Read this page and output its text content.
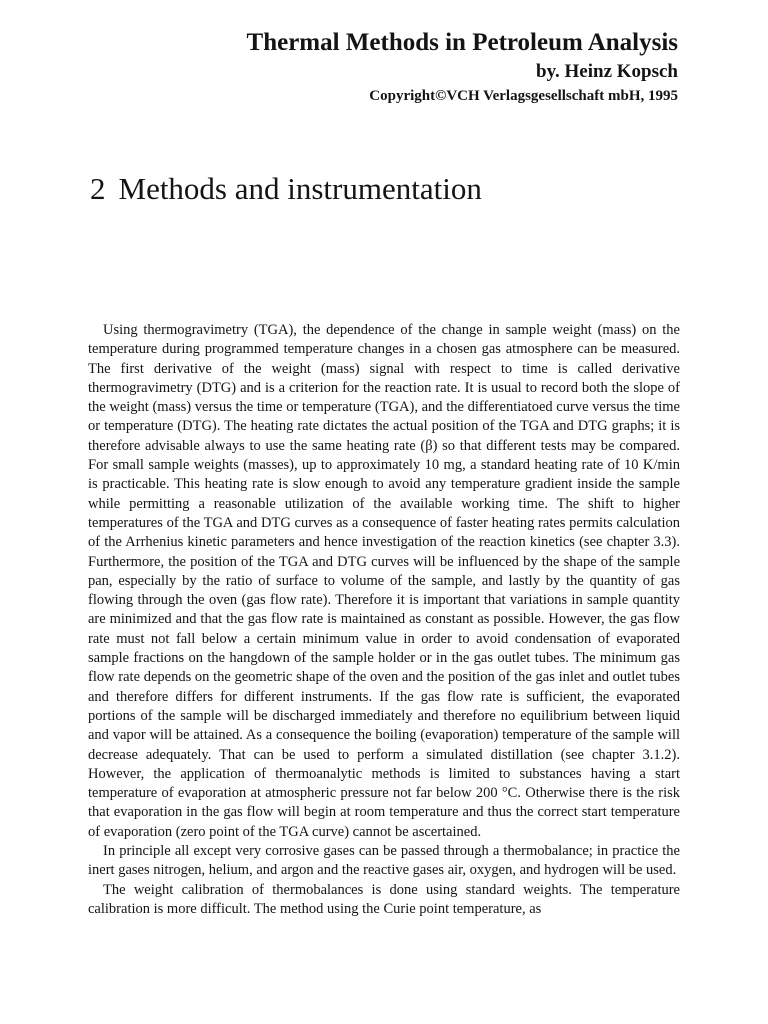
Thermal Methods in Petroleum Analysis
by. Heinz Kopsch
Copyright©VCH Verlagsgesellschaft mbH, 1995
2 Methods and instrumentation

Using thermogravimetry (TGA), the dependence of the change in sample weight (mass) on the temperature during programmed temperature changes in a chosen gas atmosphere can be measured. The first derivative of the weight (mass) signal with respect to time is called derivative thermogravimetry (DTG) and is a criterion for the reaction rate. It is usual to record both the slope of the weight (mass) versus the time or temperature (TGA), and the differentiatoed curve versus the time or temperature (DTG). The heating rate dictates the actual position of the TGA and DTG graphs; it is therefore advisable always to use the same heating rate (β) so that different tests may be compared. For small sample weights (masses), up to approximately 10 mg, a standard heating rate of 10 K/min is practicable. This heating rate is slow enough to avoid any temperature gradient inside the sample while permitting a reasonable utilization of the available working time. The shift to higher temperatures of the TGA and DTG curves as a consequence of faster heating rates permits calculation of the Arrhenius kinetic parameters and hence investigation of the reaction kinetics (see chapter 3.3). Furthermore, the position of the TGA and DTG curves will be influenced by the shape of the sample pan, especially by the ratio of surface to volume of the sample, and lastly by the quantity of gas flowing through the oven (gas flow rate). Therefore it is important that variations in sample quantity are minimized and that the gas flow rate is maintained as constant as possible. However, the gas flow rate must not fall below a certain minimum value in order to avoid condensation of evaporated sample fractions on the hangdown of the sample holder or in the gas outlet tubes. The minimum gas flow rate depends on the geometric shape of the oven and the position of the gas inlet and outlet tubes and therefore differs for different instruments. If the gas flow rate is sufficient, the evaporated portions of the sample will be discharged immediately and therefore no equilibrium between liquid and vapor will be attained. As a consequence the boiling (evaporation) temperature of the sample will decrease adequately. That can be used to perform a simulated distillation (see chapter 3.1.2). However, the application of thermoanalytic methods is limited to substances having a start temperature of evaporation at atmospheric pressure not far below 200 °C. Otherwise there is the risk that evaporation in the gas flow will begin at room temperature and thus the correct start temperature of evaporation (zero point of the TGA curve) cannot be ascertained.

In principle all except very corrosive gases can be passed through a thermobalance; in practice the inert gases nitrogen, helium, and argon and the reactive gases air, oxygen, and hydrogen will be used.

The weight calibration of thermobalances is done using standard weights. The temperature calibration is more difficult. The method using the Curie point temperature, as
